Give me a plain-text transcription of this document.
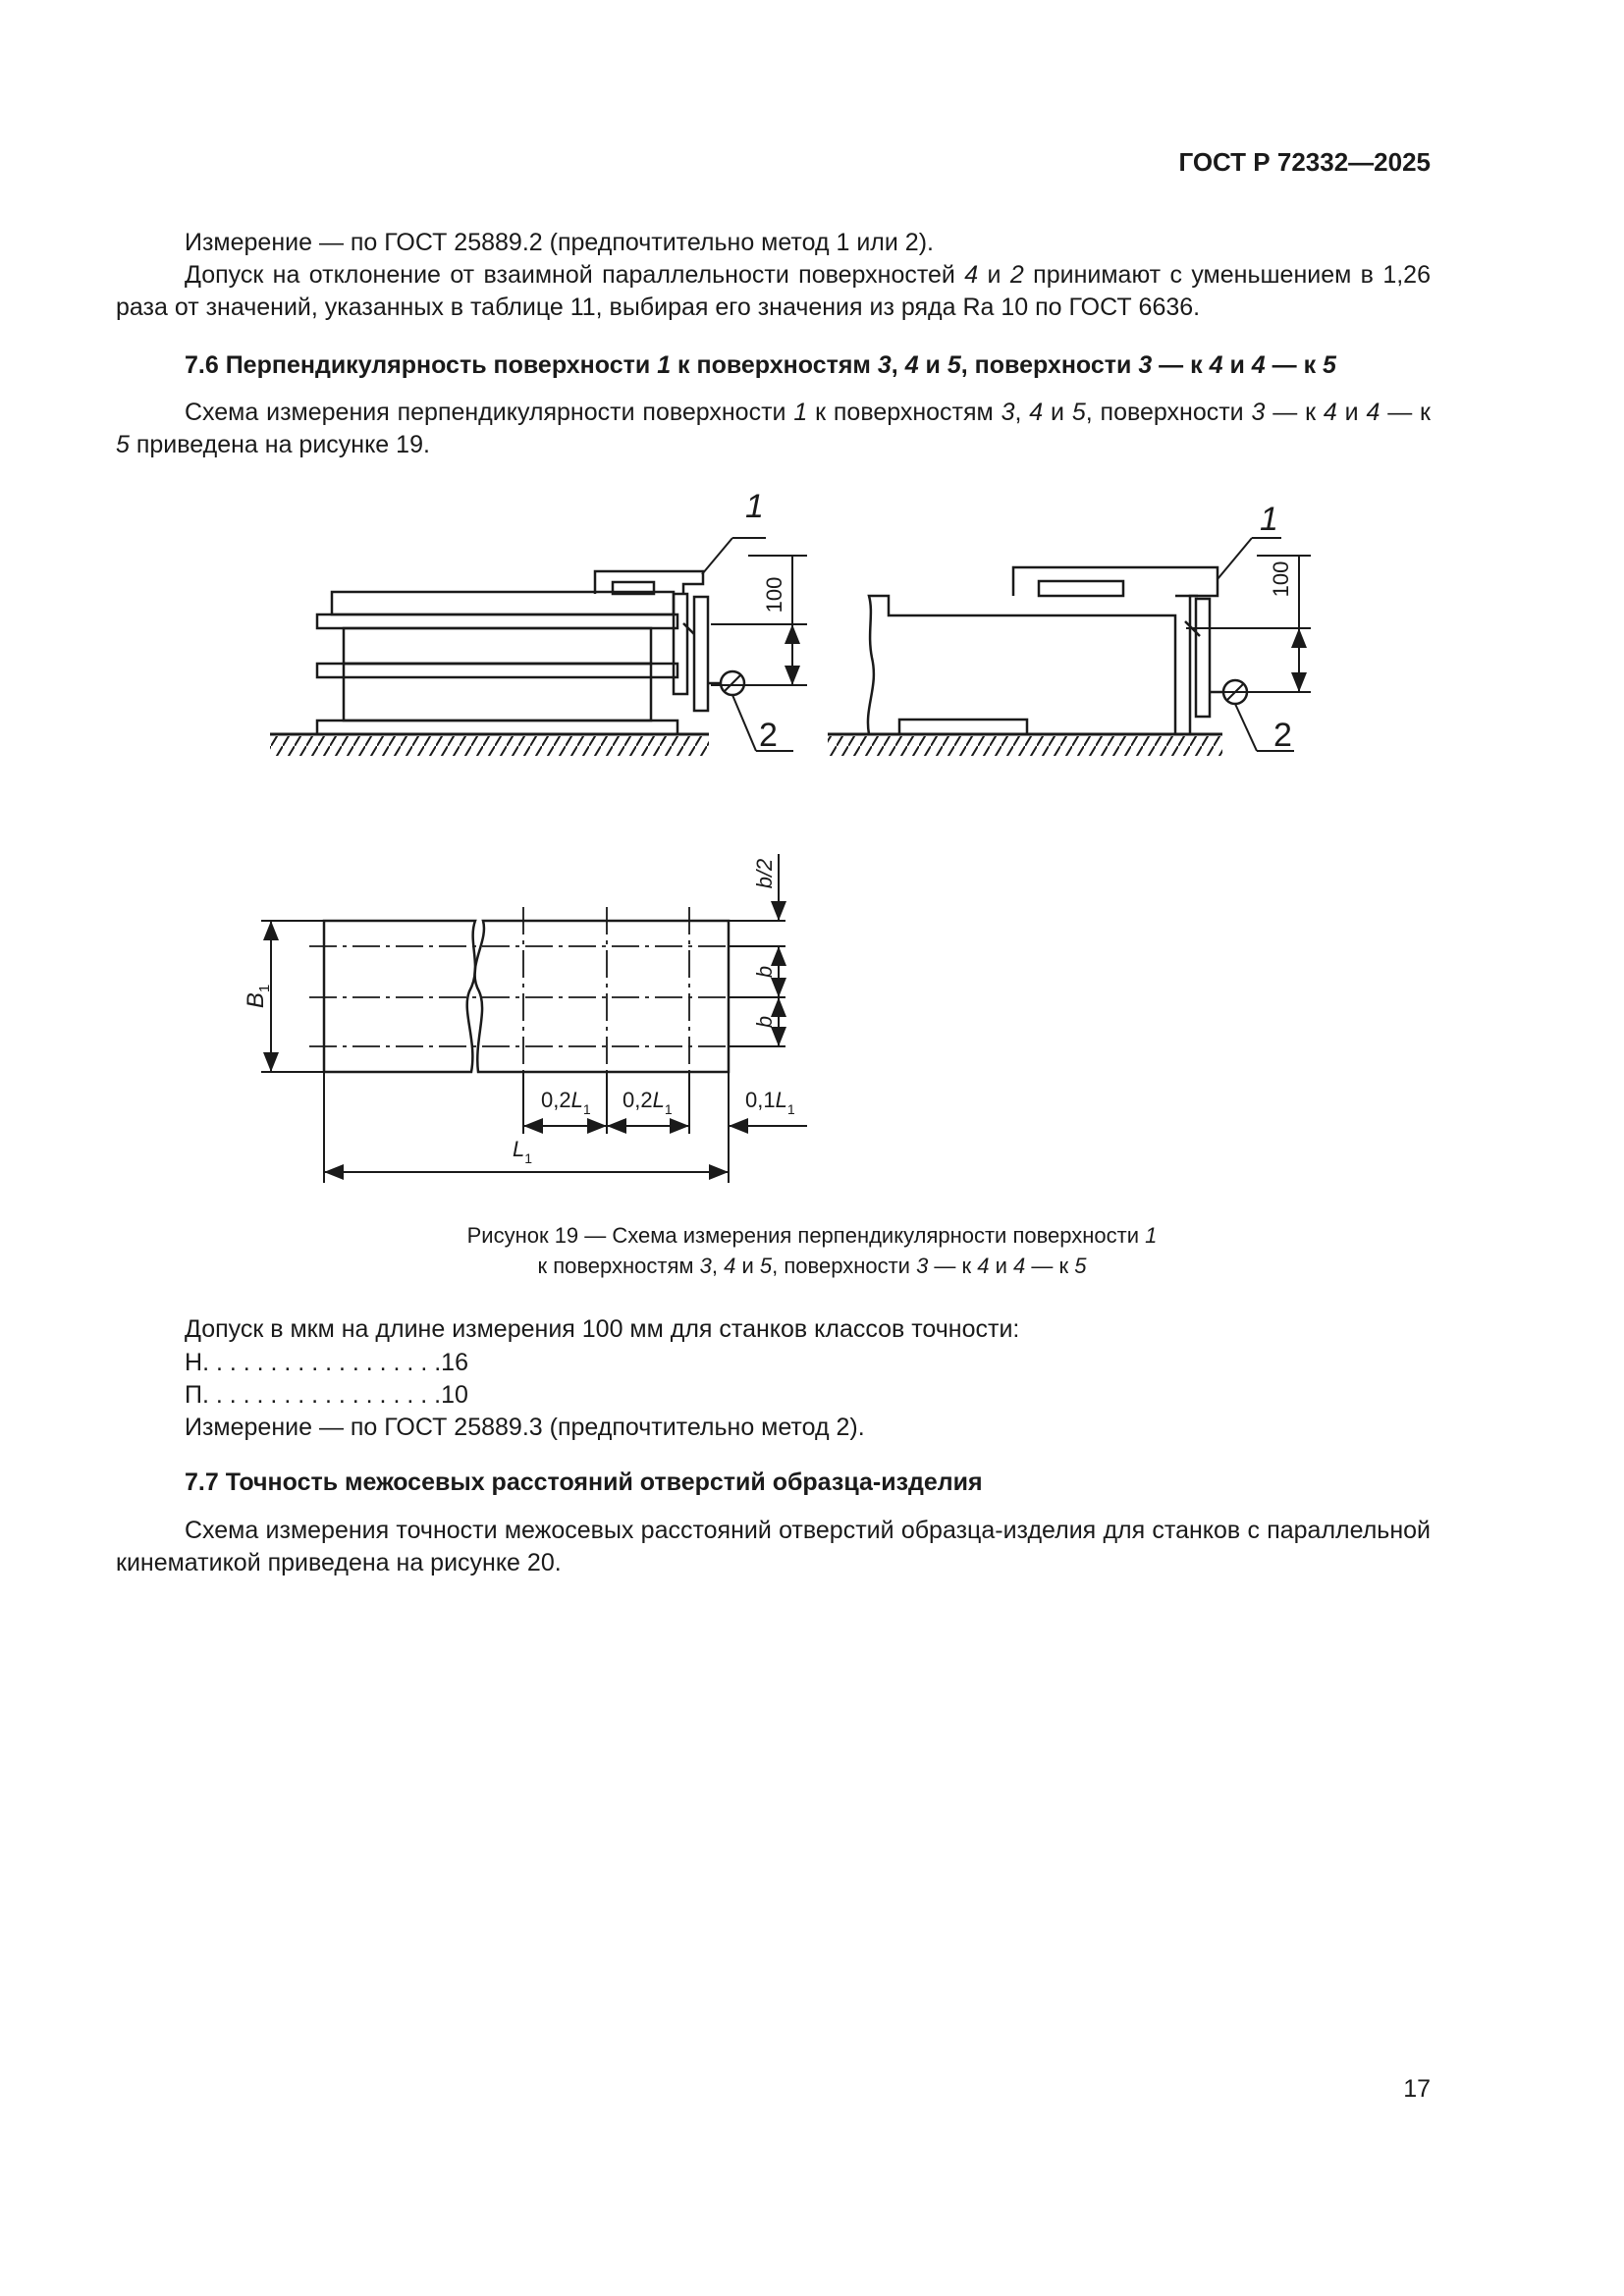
ГОСТ Р 72332—2025
Измерение — по ГОСТ 25889.2 (предпочтительно метод 1 или 2).
Допуск на отклонение от взаимной параллельности поверхностей 4 и 2 принимают с уменьшением в 1,26 раза от значений, указанных в таблице 11, выбирая его значения из ряда Ra 10 по ГОСТ 6636.
7.6 Перпендикулярность поверхности 1 к поверхностям 3, 4 и 5, поверхности 3 — к 4 и 4 — к 5
Схема измерения перпендикулярности поверхности 1 к поверхностям 3, 4 и 5, поверхности 3 — к 4 и 4 — к 5 приведена на рисунке 19.
1
2
100
1
2
100
b/2
b
b
$B_1$
$0,2L_1$ $0,2L_1$	$0,1L_1$
$L_1$
Рисунок 19 — Схема измерения перпендикулярности поверхности 1
к поверхностям 3, 4 и 5, поверхности 3 — к 4 и 4 — к 5
Допуск в мкм на длине измерения 100 мм для станков классов точности:
Н. . . . . . . . . . . . . . . . . .16
П. . . . . . . . . . . . . . . . . .10
Измерение — по ГОСТ 25889.3 (предпочтительно метод 2).
7.7 Точность межосевых расстояний отверстий образца-изделия
Схема измерения точности межосевых расстояний отверстий образца-изделия для станков с параллельной кинематикой приведена на рисунке 20.
17
